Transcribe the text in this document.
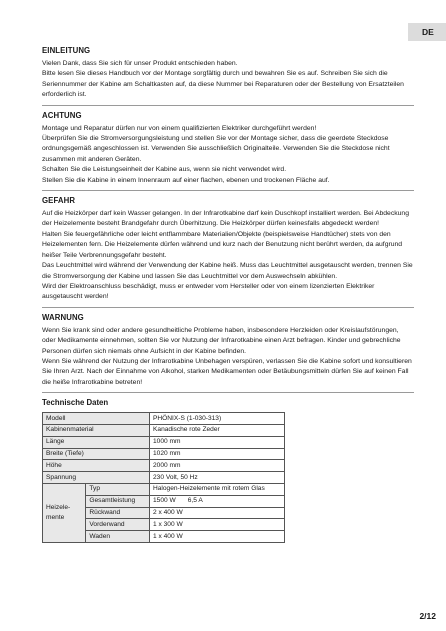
DE
EINLEITUNG

Vielen Dank, dass Sie sich für unser Produkt entschieden haben.

Bitte lesen Sie dieses Handbuch vor der Montage sorgfältig durch und bewahren Sie es auf. Schreiben Sie sich die Seriennummer der Kabine am Schaltkasten auf, da diese Nummer bei Reparaturen oder der Bestellung von Ersatzteilen erforderlich ist.

ACHTUNG

Montage und Reparatur dürfen nur von einem qualifizierten Elektriker durchgeführt werden!

Überprüfen Sie die Stromversorgungsleistung und stellen Sie vor der Montage sicher, dass die geerdete Steckdose ordnungsgemäß angeschlossen ist. Verwenden Sie ausschließlich Originalteile. Verwenden Sie die Steckdose nicht zusammen mit anderen Geräten.

Schalten Sie die Leistungseinheit der Kabine aus, wenn sie nicht verwendet wird.

Stellen Sie die Kabine in einem Innenraum auf einer flachen, ebenen und trockenen Fläche auf.

GEFAHR

Auf die Heizkörper darf kein Wasser gelangen. In der Infrarotkabine darf kein Duschkopf installiert werden. Bei Abdeckung der Heizelemente besteht Brandgefahr durch Überhitzung. Die Heizkörper dürfen keinesfalls abgedeckt werden!

Halten Sie feuergefährliche oder leicht entflammbare Materialien/Objekte (beispielsweise Handtücher) stets von den Heizelementen fern. Die Heizelemente dürfen während und kurz nach der Benutzung nicht berührt werden, da aufgrund heißer Teile Verbrennungsgefahr besteht.

Das Leuchtmittel wird während der Verwendung der Kabine heiß. Muss das Leuchtmittel ausgetauscht werden, trennen Sie die Stromversorgung der Kabine und lassen Sie das Leuchtmittel vor dem Auswechseln abkühlen.

Wird der Elektroanschluss beschädigt, muss er entweder vom Hersteller oder von einem lizenzierten Elektriker ausgetauscht werden!

WARNUNG

Wenn Sie krank sind oder andere gesundheitliche Probleme haben, insbesondere Herzleiden oder Kreislaufstörungen, oder Medikamente einnehmen, sollten Sie vor Nutzung der Infrarotkabine einen Arzt befragen. Kinder und gebrechliche Personen dürfen sich niemals ohne Aufsicht in der Kabine befinden.

Wenn Sie während der Nutzung der Infrarotkabine Unbehagen verspüren, verlassen Sie die Kabine sofort und konsultieren Sie Ihren Arzt. Nach der Einnahme von Alkohol, starken Medikamenten oder Betäubungsmitteln dürfen Sie auf keinen Fall die heiße Infrarotkabine betreten!

Technische Daten
Modell		PHÖNIX-S (1-030-313)
Kabinenmaterial		Kanadische rote Zeder
Länge		1000 mm
Breite (Tiefe)		1020 mm
Höhe		2000 mm
Spannung		230 Volt, 50 Hz
Heizele-mente	Typ	Halogen-Heizelemente mit rotem Glas
	Gesamtleistung	1500 W 6,5 A
	Rückwand	2 x 400 W
	Vorderwand	1 x 300 W
	Waden	1 x 400 W
2/12
